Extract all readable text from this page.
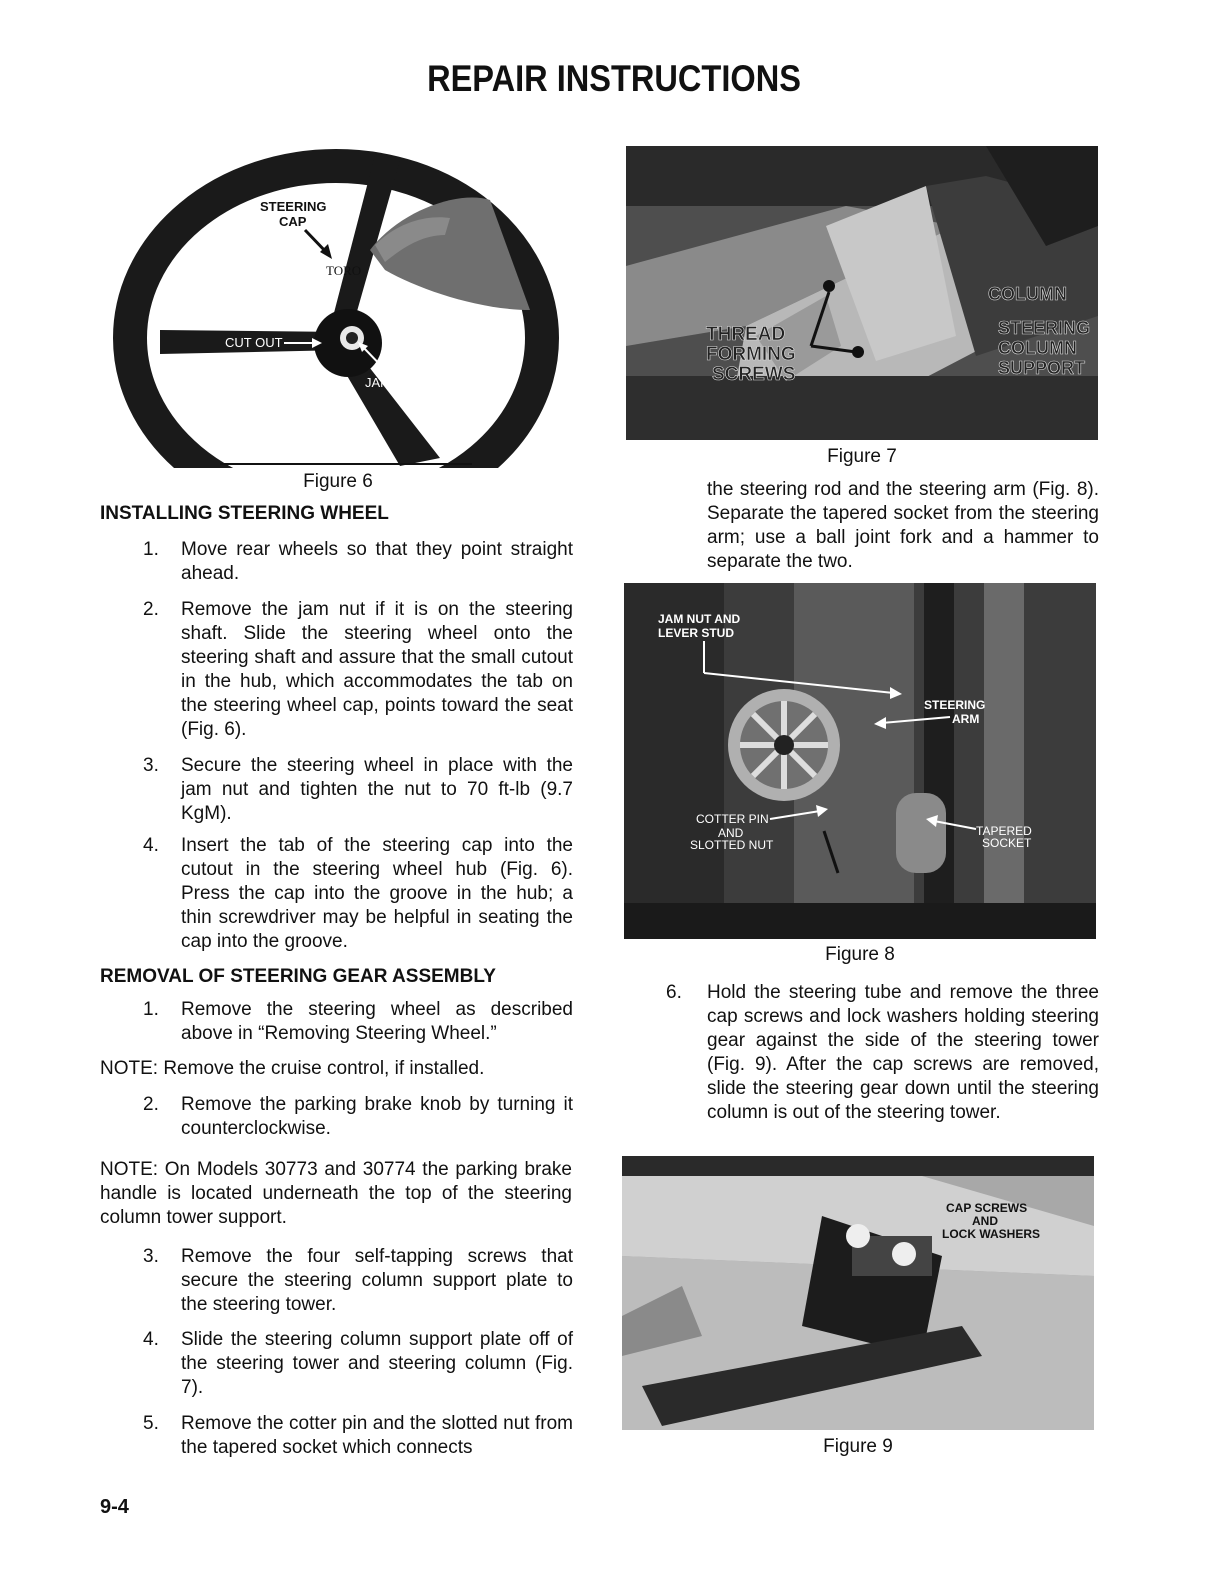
REPAIR INSTRUCTIONS
STEERING
CAP
TORO
CUT OUT
JAM NUT
Figure 6
INSTALLING STEERING WHEEL
1. Move rear wheels so that they point straight ahead.
2. Remove the jam nut if it is on the steering shaft. Slide the steering wheel onto the steering shaft and assure that the small cutout in the hub, which accommodates the tab on the steering wheel cap, points toward the seat (Fig. 6).
3. Secure the steering wheel in place with the jam nut and tighten the nut to 70 ft-lb (9.7 KgM).
4. Insert the tab of the steering cap into the cutout in the steering wheel hub (Fig. 6). Press the cap into the groove in the hub; a thin screwdriver may be helpful in seating the cap into the groove.
REMOVAL OF STEERING GEAR ASSEMBLY
1. Remove the steering wheel as described above in “Removing Steering Wheel.”
NOTE: Remove the cruise control, if installed.
2. Remove the parking brake knob by turning it counterclockwise.
NOTE: On Models 30773 and 30774 the parking brake handle is located underneath the top of the steering column tower support.
3. Remove the four self-tapping screws that secure the steering column support plate to the steering tower.
4. Slide the steering column support plate off of the steering tower and steering column (Fig. 7).
5. Remove the cotter pin and the slotted nut from the tapered socket which connects
THREAD
FORMING
SCREWS
COLUMN
STEERING
COLUMN
SUPPORT
Figure 7
the steering rod and the steering arm (Fig. 8). Separate the tapered socket from the steering arm; use a ball joint fork and a hammer to separate the two.
JAM NUT AND
LEVER STUD
STEERING
ARM
COTTER PIN
AND
SLOTTED NUT
TAPERED
SOCKET
Figure 8
6. Hold the steering tube and remove the three cap screws and lock washers holding steering gear against the side of the steering tower (Fig. 9). After the cap screws are removed, slide the steering gear down until the steering column is out of the steering tower.
CAP SCREWS
AND
LOCK WASHERS
Figure 9
9-4
